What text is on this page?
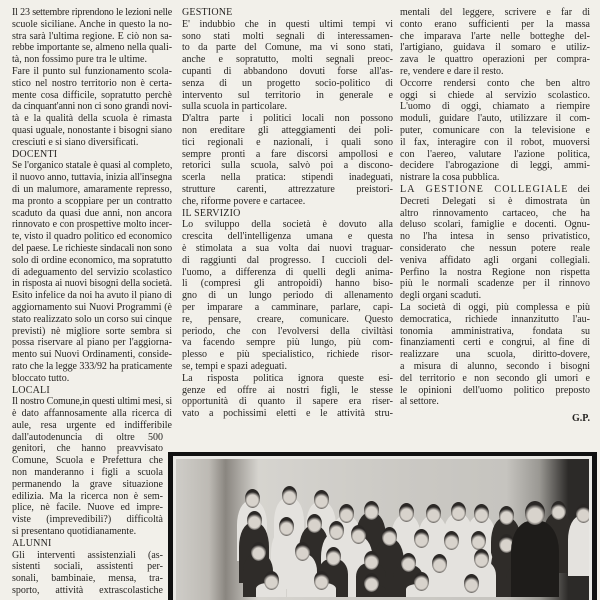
Il 23 settembre riprendono le lezioni nelle
scuole siciliane. Anche in questo la no-
stra sarà l'ultima regione. E ciò non sa-
rebbe importante se, almeno nella quali-
tà, non fossimo pure tra le ultime.
Fare il punto sul funzionamento scola-
stico nel nostro territorio non è certa-
mente cosa difficile, sopratutto perchè
da cinquant'anni non ci sono grandi novi-
tà e la qualità della scuola è rimasta
quasi uguale, nonostante i bisogni siano
cresciuti e si siano diversificati.
DOCENTI
Se l'organico statale è quasi al completo,
il nuovo anno, tuttavia, inizia all'insegna
di un malumore, amaramente represso,
ma pronto a scoppiare per un contratto
scaduto da quasi due anni, non ancora
rinnovato e con prospettive molto incer-
te, visto il quadro politico ed economico
del paese. Le richieste sindacali non sono
solo di ordine economico, ma sopratutto
di adeguamento del servizio scolastico
in risposta ai nuovi bisogni della società.
Esito infelice da noi ha avuto il piano di
aggiornamento sui Nuovi Programmi (è
stato realizzato solo un corso sui cinque
previsti) nè migliore sorte sembra si
possa riservare al piano per l'aggiorna-
mento sui Nuovi Ordinamenti, conside-
rato che la legge 333/92 ha praticamente
bloccato tutto.
LOCALI
Il nostro Comune,in questi ultimi mesi, si
è dato affannosamente alla ricerca di
aule, resa urgente ed indifferibile
dall'autodenuncia di oltre 500
genitori, che hanno preavvisato
Comune, Scuola e Prefettura che
non manderanno i figli a scuola
permanendo la grave situazione
edilizia. Ma la ricerca non è sem-
plice, nè facile. Nuove ed impre-
viste (imprevedibili?) difficoltà
si presentano quotidianamente.
ALUNNI
Gli interventi assistenziali (as-
sistenti sociali, assistenti per-
sonali, bambinaie, mensa, tra-
sporto, attività extrascolastiche
GESTIONE
E' indubbio che in questi ultimi tempi vi
sono stati molti segnali di interessamen-
to da parte del Comune, ma vi sono stati,
anche e sopratutto, molti segnali preoc-
cupanti di abbandono dovuti forse all'as-
senza di un progetto socio-politico di
intervento sul territorio in generale e
sulla scuola in particolare.
D'altra parte i politici locali non possono
non ereditare gli atteggiamenti dei poli-
tici regionali e nazionali, i quali sono
sempre pronti a fare discorsi ampollosi e
retorici sulla scuola, salvò poi a discono-
scerla nella pratica: stipendi inadeguati,
strutture carenti, attrezzature preistori-
che, riforme povere e cartacee.
IL SERVIZIO
Lo sviluppo della società è dovuto alla
crescita dell'intelligenza umana e questa
è stimolata a sua volta dai nuovi traguar-
di raggiunti dal progresso. I cuccioli del-
l'uomo, a differenza di quelli degli anima-
li (compresi gli antropoidi) hanno biso-
gno di un lungo periodo di allenamento
per imparare a camminare, parlare, capi-
re, pensare, creare, comunicare. Questo
periodo, che con l'evolversi della civiltàsi
va facendo sempre più lungo, più com-
plesso e più specialistico, richiede risor-
se, tempi e spazi adeguati.
La risposta politica ignora queste esi-
genze ed offre ai nostri figli, le stesse
opportunità di quanto il sapere era riser-
vato a pochissimi eletti e le attività stru-
mentali del leggere, scrivere e far di
conto erano sufficienti per la massa
che imparava l'arte nelle botteghe del-
l'artigiano, guidava il somaro e utiliz-
zava le quattro operazioni per compra-
re, vendere e dare il resto.
Occorre rendersi conto che ben altro
oggi si chiede al servizio scolastico.
L'uomo di oggi, chiamato a riempire
moduli, guidare l'auto, utilizzare il com-
puter, comunicare con la televisione e
il fax, interagire con il robot, muoversi
con l'aereo, valutare l'azione politica,
decidere l'abrogazione di leggi, ammi-
nistrare la cosa pubblica.
LA GESTIONE COLLEGIALE dei
Decreti Delegati si è dimostrata ùn
altro rinnovamento cartaceo, che ha
deluso scolari, famiglie e docenti. Ognu-
no l'ha intesa in senso privatistico,
considerato che nessun potere reale
veniva affidato agli organi collegiali.
Perfino la nostra Regione non rispetta
più le normali scadenze per il rinnovo
degli organi scaduti.
La società di oggi, più complessa e più
democratica, richiede innanzitutto l'au-
tonomia amministrativa, fondata su
finanziamenti certi e congrui, al fine di
realizzare una scuola, diritto-dovere,
a misura di alunno, secondo i bisogni
del territorio e non secondo gli umori e
le opinioni dell'uomo politico preposto
al settore.
G.P.
